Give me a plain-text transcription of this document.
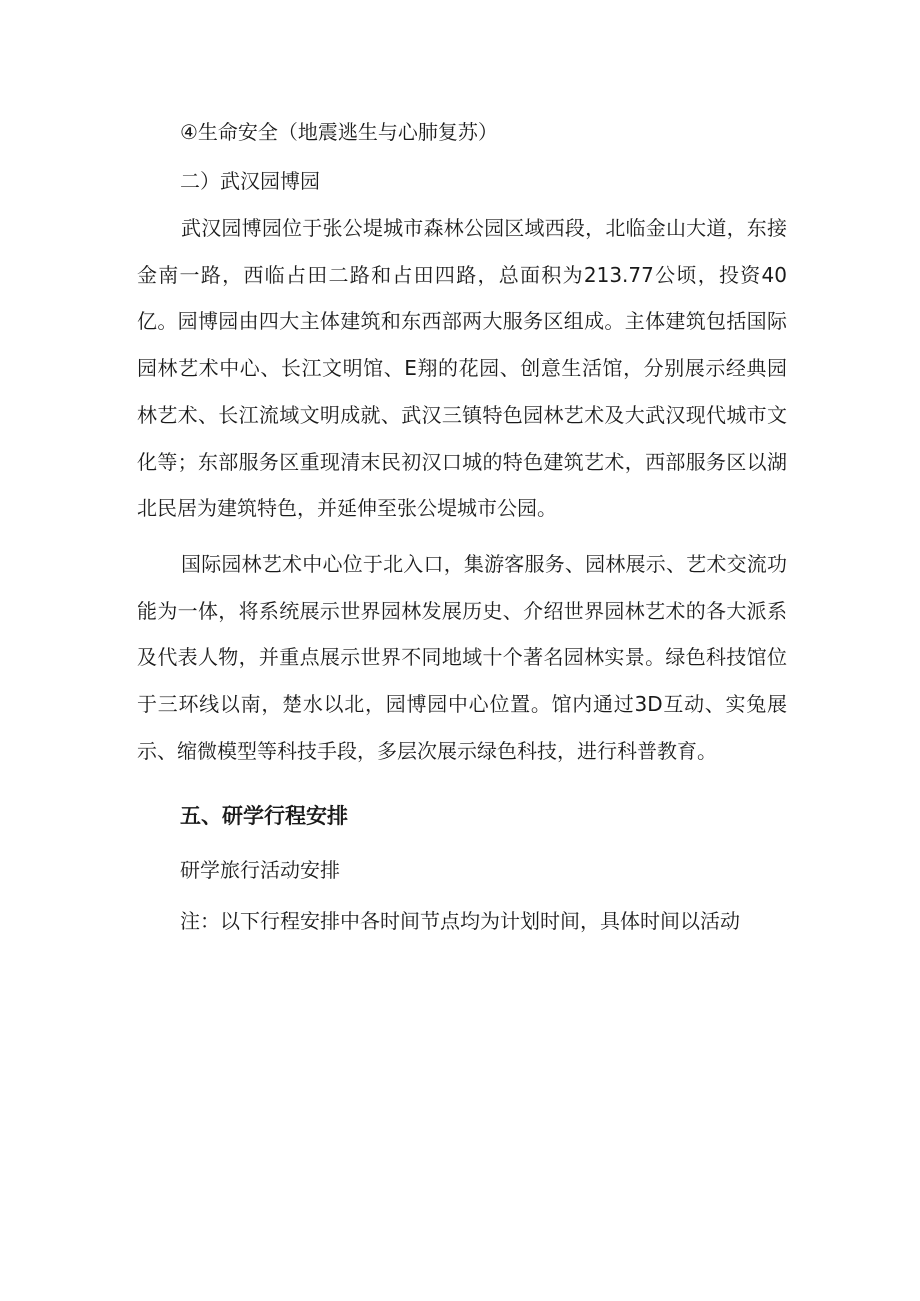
④生命安全（地震逃生与心肺复苏）
二）武汉园博园
武汉园博园位于张公堤城市森林公园区域西段，北临金山大道，东接金南一路，西临占田二路和占田四路，总面积为213.77公顷，投资40亿。园博园由四大主体建筑和东西部两大服务区组成。主体建筑包括国际园林艺术中心、长江文明馆、E翔的花园、创意生活馆，分别展示经典园林艺术、长江流域文明成就、武汉三镇特色园林艺术及大武汉现代城市文化等；东部服务区重现清末民初汉口城的特色建筑艺术，西部服务区以湖北民居为建筑特色，并延伸至张公堤城市公园。
国际园林艺术中心位于北入口，集游客服务、园林展示、艺术交流功能为一体，将系统展示世界园林发展历史、介绍世界园林艺术的各大派系及代表人物，并重点展示世界不同地域十个著名园林实景。绿色科技馆位于三环线以南，楚水以北，园博园中心位置。馆内通过3D互动、实兔展示、缩微模型等科技手段，多层次展示绿色科技，进行科普教育。
五、研学行程安排
研学旅行活动安排
注：以下行程安排中各时间节点均为计划时间，具体时间以活动
